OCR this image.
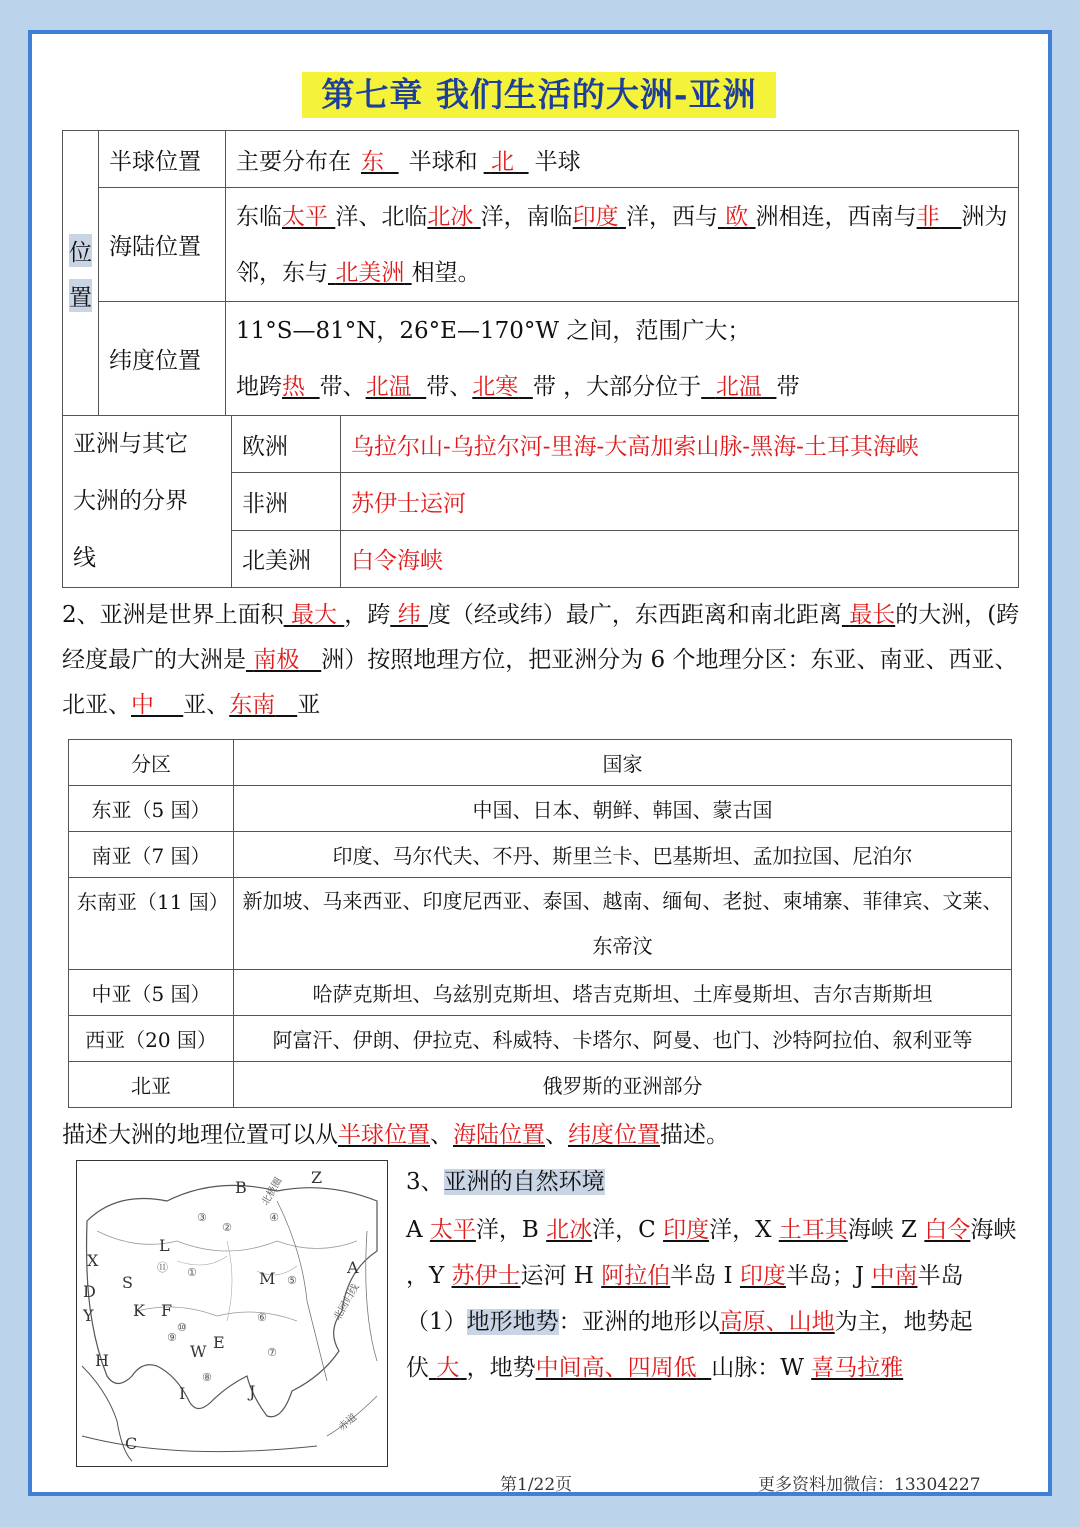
第七章 我们生活的大洲-亚洲
位
置	半球位置	主要分布在 东 半球和 北 半球
	海陆位置	东临太平 洋、北临北冰 洋，南临印度 洋，西与 欧 洲相连，西南与非 洲为邻，东与 北美洲 相望。
	纬度位置	11°S—81°N，26°E—170°W 之间，范围广大；
地跨热 带、北温 带、北寒 带 ，大部分位于 北温 带
亚洲与其它
大洲的分界
线	欧洲	乌拉尔山-乌拉尔河-里海-大高加索山脉-黑海-土耳其海峡
	非洲	苏伊士运河
	北美洲	白令海峡
2、亚洲是世界上面积 最大 ，跨 纬 度（经或纬）最广，东西距离和南北距离 最长的大洲，(跨经度最广的大洲是 南极 洲）按照地理方位，把亚洲分为 6 个地理分区：东亚、南亚、西亚、北亚、中 亚、东南 亚
分区	国家
东亚（5 国）	中国、日本、朝鲜、韩国、蒙古国
南亚（7 国）	印度、马尔代夫、不丹、斯里兰卡、巴基斯坦、孟加拉国、尼泊尔
东南亚（11 国）	新加坡、马来西亚、印度尼西亚、泰国、越南、缅甸、老挝、柬埔寨、菲律宾、文莱、东帝汶
中亚（5 国）	哈萨克斯坦、乌兹别克斯坦、塔吉克斯坦、土库曼斯坦、吉尔吉斯斯坦
西亚（20 国）	阿富汗、伊朗、伊拉克、科威特、卡塔尔、阿曼、也门、沙特阿拉伯、叙利亚等
北亚	俄罗斯的亚洲部分
描述大洲的地理位置可以从半球位置、海陆位置、纬度位置描述。
B
Z
A
L
M
X
D S
Y K F
W E
H
J
I
C
北回归线
赤道
北极圈
①
②
③	④
⑤
⑥
⑦
⑧
⑨
⑩
⑪
3、亚洲的自然环境
A 太平洋，B 北冰洋，C 印度洋，X 土耳其海峡 Z 白令海峡 ，Y 苏伊士运河 H 阿拉伯半岛 I 印度半岛；J 中南半岛
（1）地形地势：亚洲的地形以高原、山地为主，地势起伏 大 ，地势中间高、四周低 山脉：W 喜马拉雅
第1/22页	更多资料加微信：13304227
